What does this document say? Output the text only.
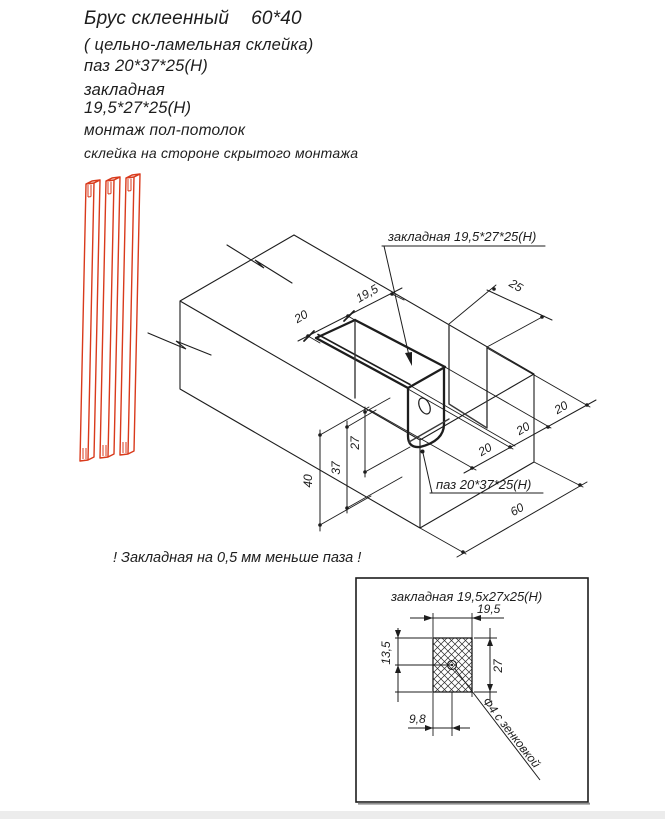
Брус склеенный    60*40
( цельно-ламельная склейка)
паз 20*37*25(Н)
закладная
19,5*27*25(Н)
монтаж пол-потолок
склейка на стороне скрытого монтажа
! Закладная на 0,5 мм меньше паза !
закладная 19,5*27*25(Н)
паз 20*37*25(Н)
20
19,5	25
20
20
20
60
40
37
27
закладная 19,5х27х25(Н)
19,5
13,5
27
9,8	Ф4 с зенковкой
